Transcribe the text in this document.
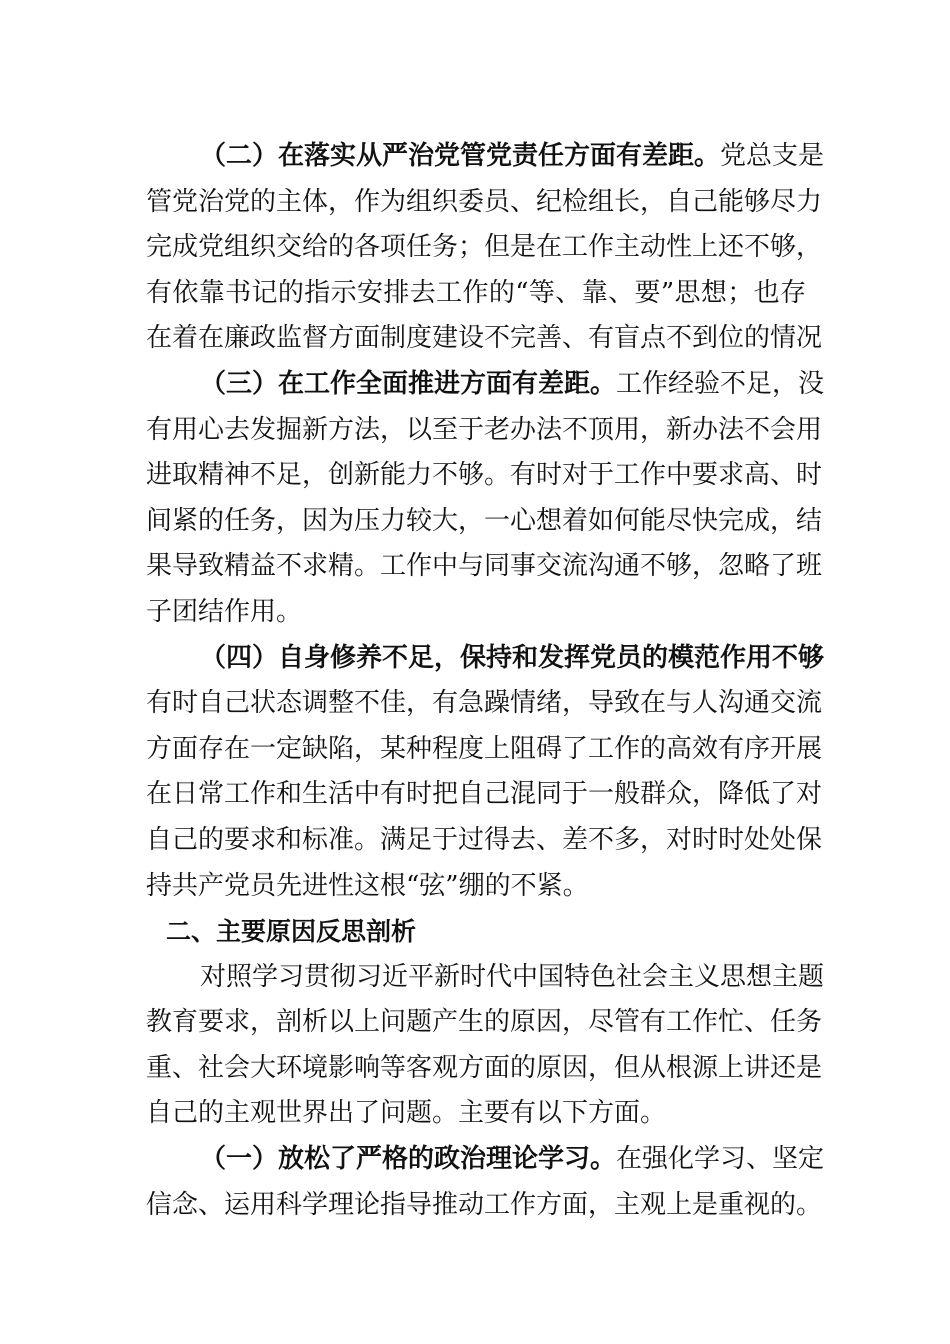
（二）在落实从严治党管党责任方面有差距。党总支是
管党治党的主体，作为组织委员、纪检组长，自己能够尽力
完成党组织交给的各项任务；但是在工作主动性上还不够，
有依靠书记的指示安排去工作的“等、靠、要”思想；也存
在着在廉政监督方面制度建设不完善、有盲点不到位的情况
（三）在工作全面推进方面有差距。工作经验不足，没
有用心去发掘新方法，以至于老办法不顶用，新办法不会用
进取精神不足，创新能力不够。有时对于工作中要求高、时
间紧的任务，因为压力较大，一心想着如何能尽快完成，结
果导致精益不求精。工作中与同事交流沟通不够，忽略了班
子团结作用。
（四）自身修养不足，保持和发挥党员的模范作用不够
有时自己状态调整不佳，有急躁情绪，导致在与人沟通交流
方面存在一定缺陷，某种程度上阻碍了工作的高效有序开展
在日常工作和生活中有时把自己混同于一般群众，降低了对
自己的要求和标准。满足于过得去、差不多，对时时处处保
持共产党员先进性这根“弦”绷的不紧。
二、主要原因反思剖析
对照学习贯彻习近平新时代中国特色社会主义思想主题
教育要求，剖析以上问题产生的原因，尽管有工作忙、任务
重、社会大环境影响等客观方面的原因，但从根源上讲还是
自己的主观世界出了问题。主要有以下方面。
（一）放松了严格的政治理论学习。在强化学习、坚定
信念、运用科学理论指导推动工作方面，主观上是重视的。
